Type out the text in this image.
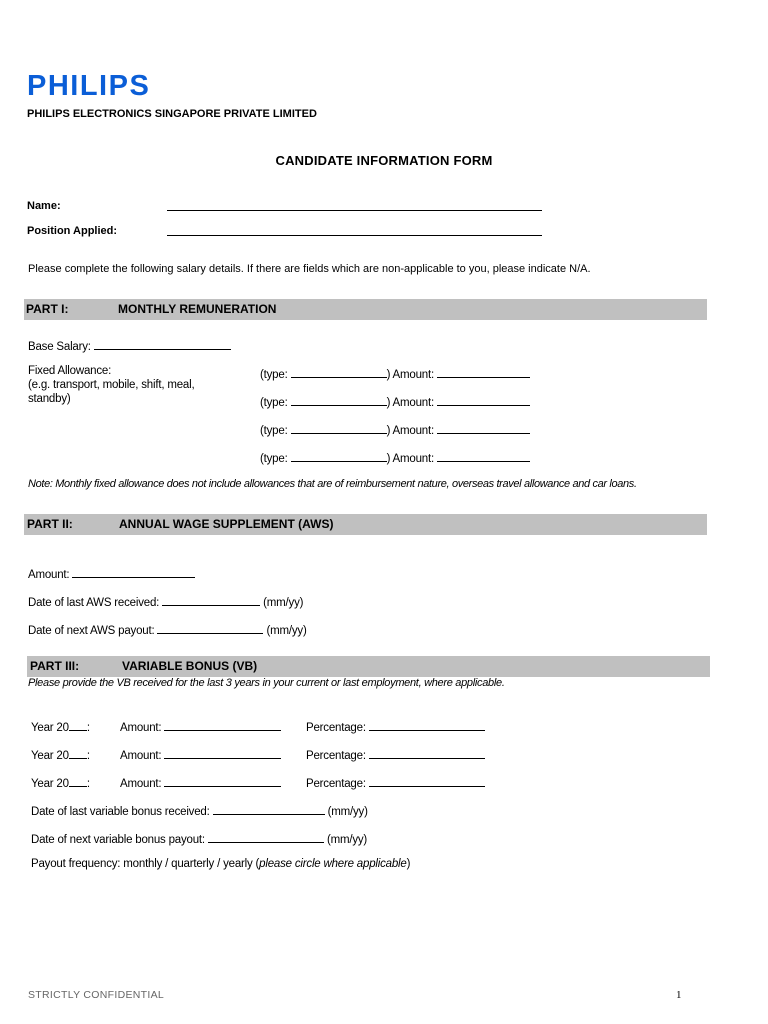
PHILIPS
PHILIPS ELECTRONICS SINGAPORE PRIVATE LIMITED
CANDIDATE INFORMATION FORM
Name:
Position Applied:
Please complete the following salary details. If there are fields which are non-applicable to you, please indicate N/A.
PART I:	MONTHLY REMUNERATION
Base Salary:
Fixed Allowance:
(e.g. transport, mobile, shift, meal,
standby)
(type:	) Amount:
(type:	) Amount:
(type:	) Amount:
(type:	) Amount:
Note: Monthly fixed allowance does not include allowances that are of reimbursement nature, overseas travel allowance and car loans.
PART II:	ANNUAL WAGE SUPPLEMENT (AWS)
Amount:
Date of last AWS received:	(mm/yy)
Date of next AWS payout:	(mm/yy)
PART III:	VARIABLE BONUS (VB)
Please provide the VB received for the last 3 years in your current or last employment, where applicable.
Year 20 :	Amount:	Percentage:
Year 20 :	Amount:	Percentage:
Year 20 :	Amount:	Percentage:
Date of last variable bonus received:	(mm/yy)
Date of next variable bonus payout:	(mm/yy)
Payout frequency: monthly / quarterly / yearly (please circle where applicable)
STRICTLY CONFIDENTIAL	1
